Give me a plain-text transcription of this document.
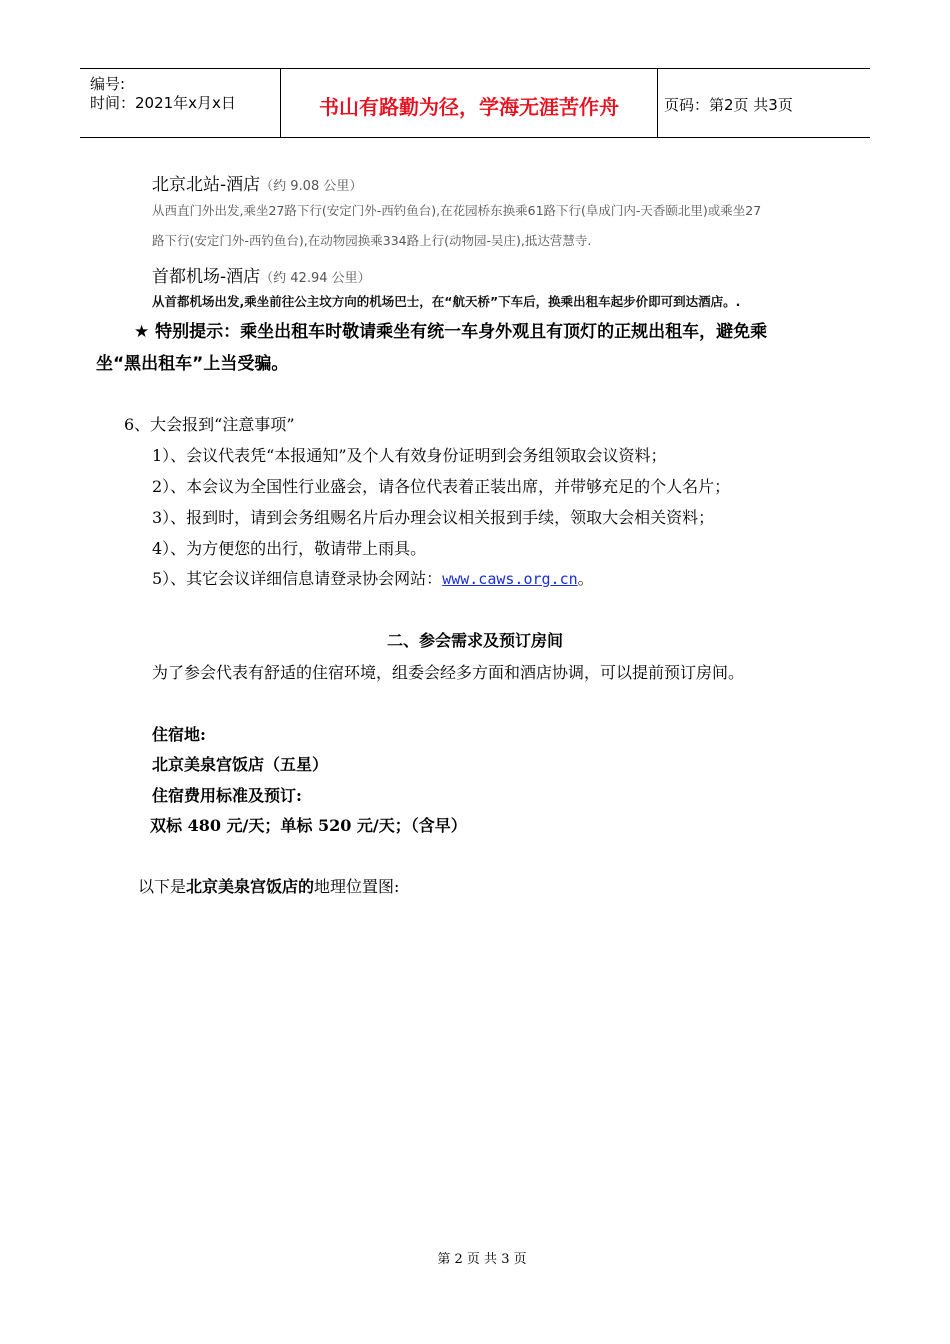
编号:
时间：2021年x月x日	书山有路勤为径，学海无涯苦作舟	页码：第2页 共3页
北京北站-酒店（约 9.08 公里）
从西直门外出发,乘坐27路下行(安定门外-西钓鱼台),在花园桥东换乘61路下行(阜成门内-天香颐北里)或乘坐27
路下行(安定门外-西钓鱼台),在动物园换乘334路上行(动物园-吴庄),抵达营慧寺.
首都机场-酒店（约 42.94 公里）
从首都机场出发,乘坐前往公主坟方向的机场巴士，在“航天桥”下车后，换乘出租车起步价即可到达酒店。.
★ 特别提示：乘坐出租车时敬请乘坐有统一车身外观且有顶灯的正规出租车，避免乘
坐“黑出租车”上当受骗。
6、大会报到“注意事项”
1）、会议代表凭“本报通知”及个人有效身份证明到会务组领取会议资料；
2）、本会议为全国性行业盛会，请各位代表着正装出席，并带够充足的个人名片；
3）、报到时，请到会务组赐名片后办理会议相关报到手续，领取大会相关资料；
4）、为方便您的出行，敬请带上雨具。
5）、其它会议详细信息请登录协会网站：www.caws.org.cn。
二、参会需求及预订房间
为了参会代表有舒适的住宿环境，组委会经多方面和酒店协调，可以提前预订房间。
住宿地:
北京美泉宫饭店（五星）
住宿费用标准及预订:
双标 480 元/天；单标 520 元/天；（含早）
以下是北京美泉宫饭店的地理位置图:
第 2 页 共 3 页
